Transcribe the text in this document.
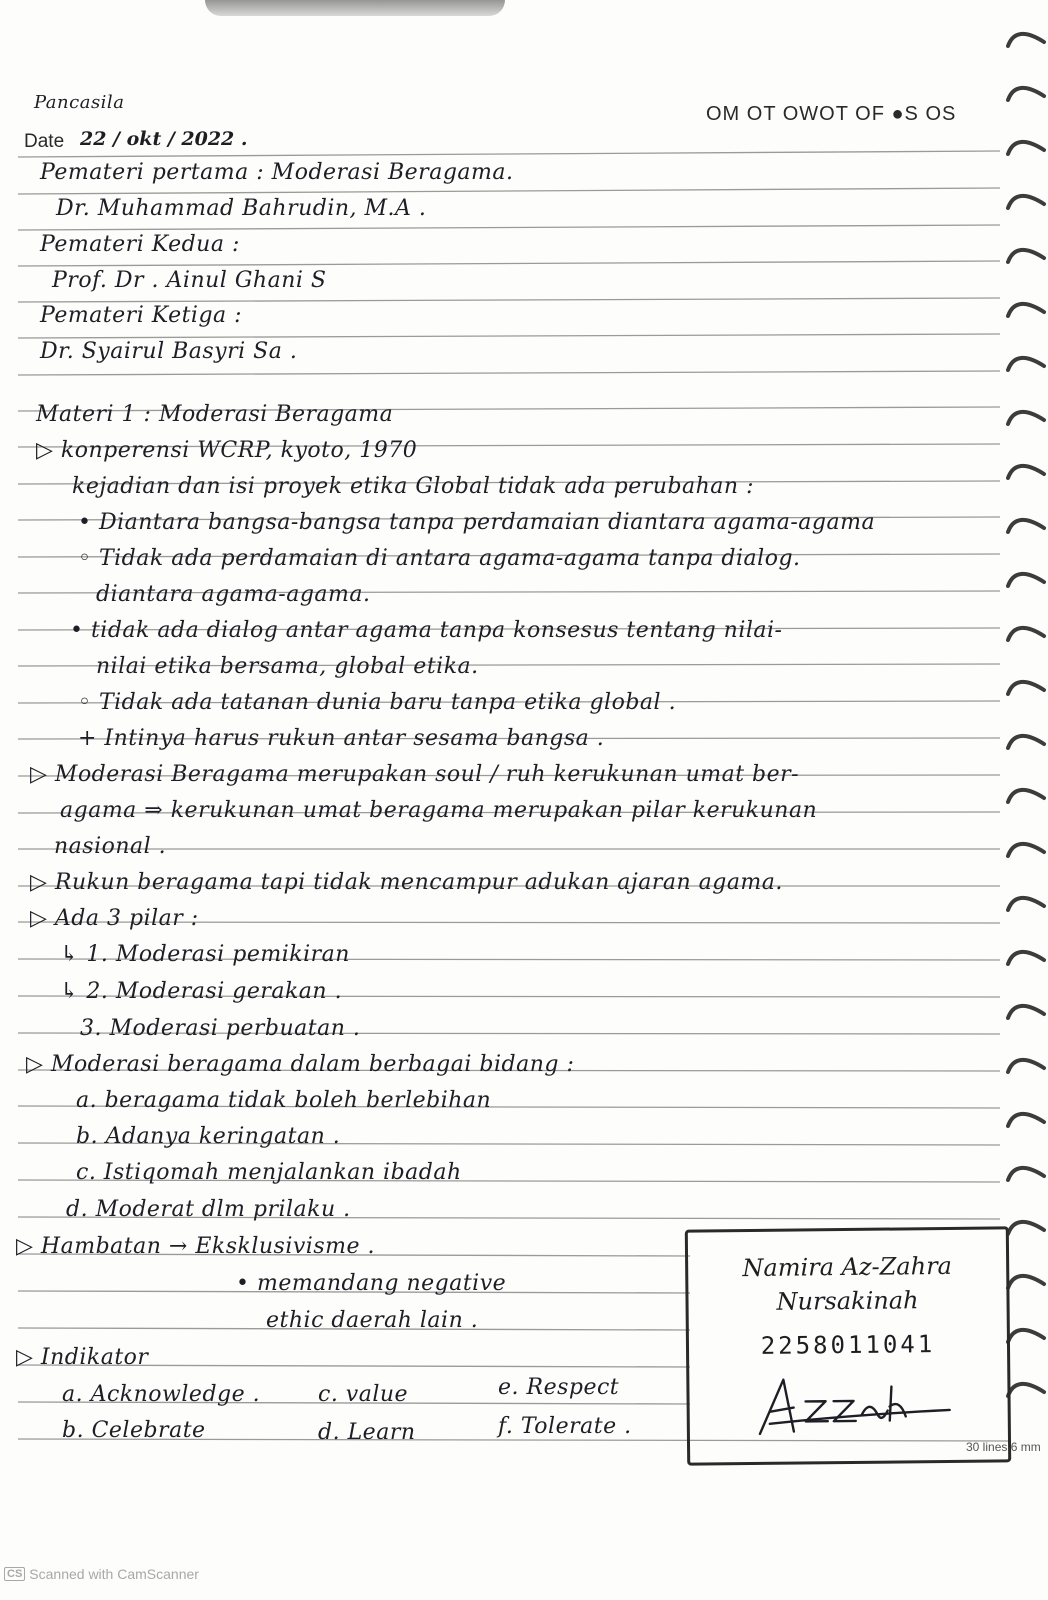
Pancasila
OM OT OWOT OF ●S OS
Date 22 / okt / 2022 .
Pemateri pertama : Moderasi Beragama.
Dr. Muhammad Bahrudin, M.A .
Pemateri Kedua :
Prof. Dr . Ainul Ghani S
Pemateri Ketiga :
Dr. Syairul Basyri Sa .
Materi 1 : Moderasi Beragama
▷ konperensi WCRP, kyoto, 1970
kejadian dan isi proyek etika Global tidak ada perubahan :
• Diantara bangsa-bangsa tanpa perdamaian diantara agama-agama
◦ Tidak ada perdamaian di antara agama-agama tanpa dialog.
diantara agama-agama.
• tidak ada dialog antar agama tanpa konsesus tentang nilai-
nilai etika bersama, global etika.
◦ Tidak ada tatanan dunia baru tanpa etika global .
+ Intinya harus rukun antar sesama bangsa .
▷ Moderasi Beragama merupakan soul / ruh kerukunan umat ber-
agama ⇒ kerukunan umat beragama merupakan pilar kerukunan
nasional .
▷ Rukun beragama tapi tidak mencampur adukan ajaran agama.
▷ Ada 3 pilar :
↳ 1. Moderasi pemikiran
↳ 2. Moderasi gerakan .
3. Moderasi perbuatan .
▷ Moderasi beragama dalam berbagai bidang :
a. beragama tidak boleh berlebihan
b. Adanya keringatan .
c. Istiqomah menjalankan ibadah
d. Moderat dlm prilaku .
▷ Hambatan → Eksklusivisme .
• memandang negative
ethic daerah lain .
▷ Indikator
a. Acknowledge .	c. value	e. Respect
b. Celebrate	d. Learn	f. Tolerate .
Namira Az-Zahra
Nursakinah
2258011041
30 lines 6 mm
CS Scanned with CamScanner
